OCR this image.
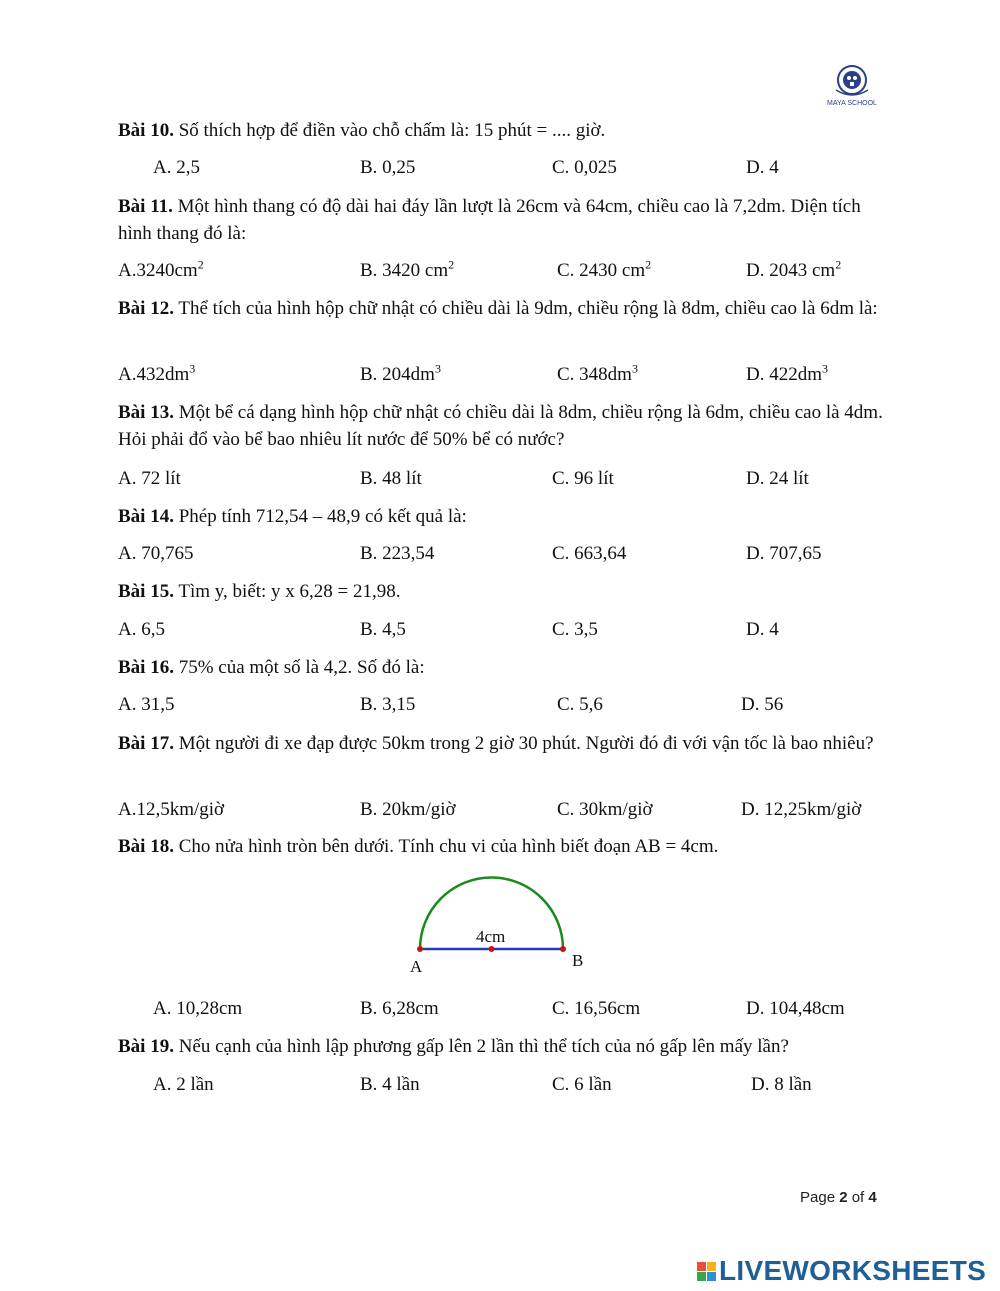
MAYA SCHOOL
Bài 10. Số thích hợp để điền vào chỗ chấm là: 15 phút = .... giờ.
A. 2,5	B. 0,25	C. 0,025	D. 4
Bài 11. Một hình thang có độ dài hai đáy lần lượt là 26cm và 64cm, chiều cao là 7,2dm. Diện tích hình thang đó là:
$A.3240cm^2$	B. 3420 $cm^2$	C. 2430 $cm^2$	D. 2043 $cm^2$
Bài 12. Thể tích của hình hộp chữ nhật có chiều dài là 9dm, chiều rộng là 8dm, chiều cao là 6dm là:
$A.432dm^3$	B. $204dm^3$	C. $348dm^3$	D. $422dm^3$
Bài 13. Một bể cá dạng hình hộp chữ nhật có chiều dài là 8dm, chiều rộng là 6dm, chiều cao là 4dm. Hỏi phải đổ vào bể bao nhiêu lít nước để 50% bể có nước?
A. 72 lít	B. 48 lít	C. 96 lít	D. 24 lít
Bài 14. Phép tính 712,54 – 48,9 có kết quả là:
A. 70,765	B. 223,54	C. 663,64	D. 707,65
Bài 15. Tìm y, biết: y x 6,28 = 21,98.
A. 6,5	B. 4,5	C. 3,5	D. 4
Bài 16. 75% của một số là 4,2. Số đó là:
A. 31,5	B. 3,15	C. 5,6	D. 56
Bài 17. Một người đi xe đạp được 50km trong 2 giờ 30 phút. Người đó đi với vận tốc là bao nhiêu?
A.12,5km/giờ	B. 20km/giờ	C. 30km/giờ	D. 12,25km/giờ
Bài 18. Cho nửa hình tròn bên dưới. Tính chu vi của hình biết đoạn AB = 4cm.
4cm
A	B
A. 10,28cm	B. 6,28cm	C. 16,56cm	D. 104,48cm
Bài 19. Nếu cạnh của hình lập phương gấp lên 2 lần thì thể tích của nó gấp lên mấy lần?
A. 2 lần	B. 4 lần	C. 6 lần	D. 8 lần
Page 2 of 4
LIVEWORKSHEETS
